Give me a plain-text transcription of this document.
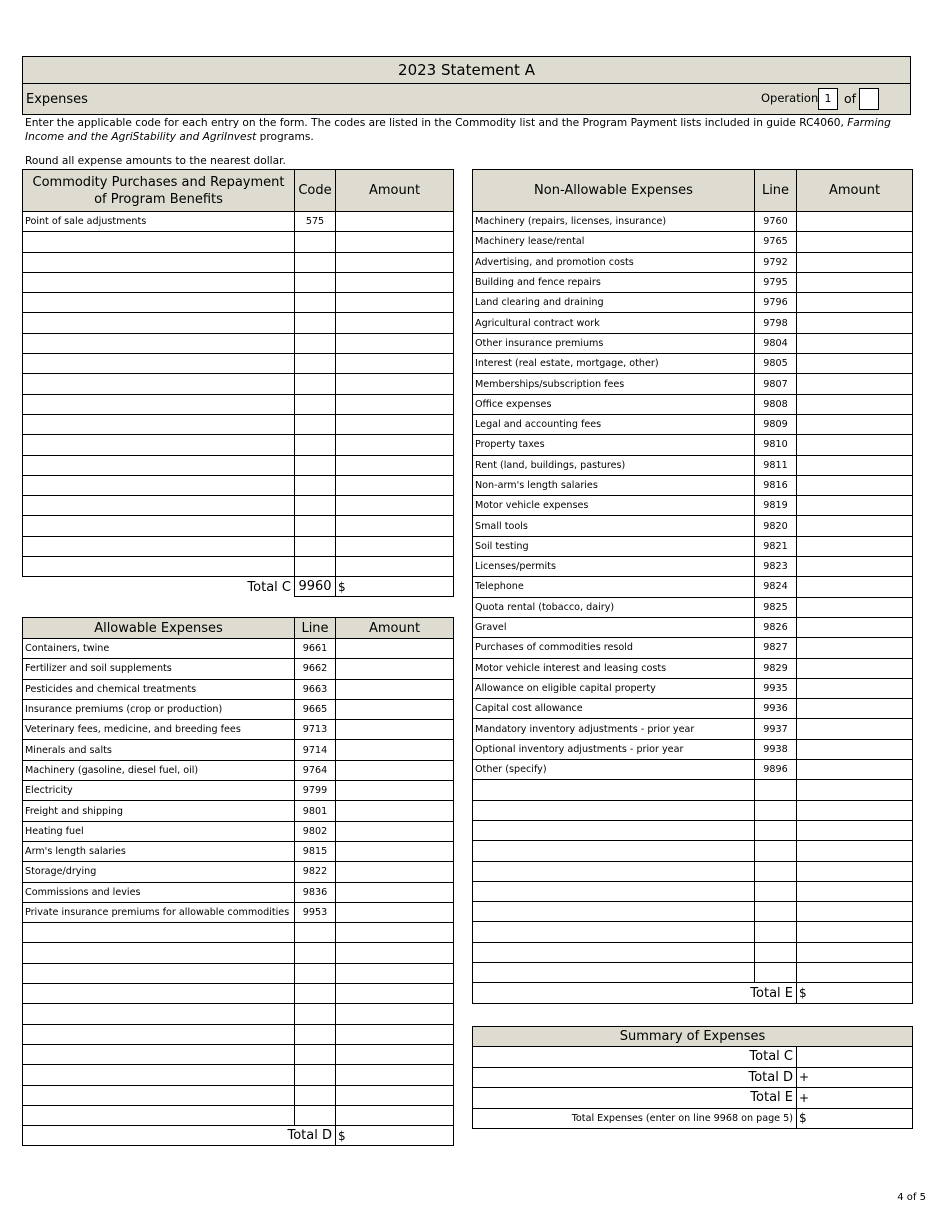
2023 Statement A
Expenses	Operation 1	of
Enter the applicable code for each entry on the form. The codes are listed in the Commodity list and the Program Payment lists included in guide RC4060, Farming Income and the AgriStability and AgriInvest programs.
Round all expense amounts to the nearest dollar.
Commodity Purchases and Repayment of Program Benefits	Code	Amount
Point of sale adjustments	575	

Total C	9960	$
Allowable Expenses	Line	Amount
Containers, twine	9661	
Fertilizer and soil supplements	9662	
Pesticides and chemical treatments	9663	
Insurance premiums (crop or production)	9665	
Veterinary fees, medicine, and breeding fees	9713	
Minerals and salts	9714	
Machinery (gasoline, diesel fuel, oil)	9764	
Electricity	9799	
Freight and shipping	9801	
Heating fuel	9802	
Arm's length salaries	9815	
Storage/drying	9822	
Commissions and levies	9836	
Private insurance premiums for allowable commodities	9953	

Total D		$
Non-Allowable Expenses	Line	Amount
Machinery (repairs, licenses, insurance)	9760	
Machinery lease/rental	9765	
Advertising, and promotion costs	9792	
Building and fence repairs	9795	
Land clearing and draining	9796	
Agricultural contract work	9798	
Other insurance premiums	9804	
Interest (real estate, mortgage, other)	9805	
Memberships/subscription fees	9807	
Office expenses	9808	
Legal and accounting fees	9809	
Property taxes	9810	
Rent (land, buildings, pastures)	9811	
Non-arm's length salaries	9816	
Motor vehicle expenses	9819	
Small tools	9820	
Soil testing	9821	
Licenses/permits	9823	
Telephone	9824	
Quota rental (tobacco, dairy)	9825	
Gravel	9826	
Purchases of commodities resold	9827	
Motor vehicle interest and leasing costs	9829	
Allowance on eligible capital property	9935	
Capital cost allowance	9936	
Mandatory inventory adjustments - prior year	9937	
Optional inventory adjustments - prior year	9938	
Other (specify)	9896	

Total E		$
Summary of Expenses	
Total C	
Total D	+
Total E	+
Total Expenses (enter on line 9968 on page 5)	$
4 of 5
